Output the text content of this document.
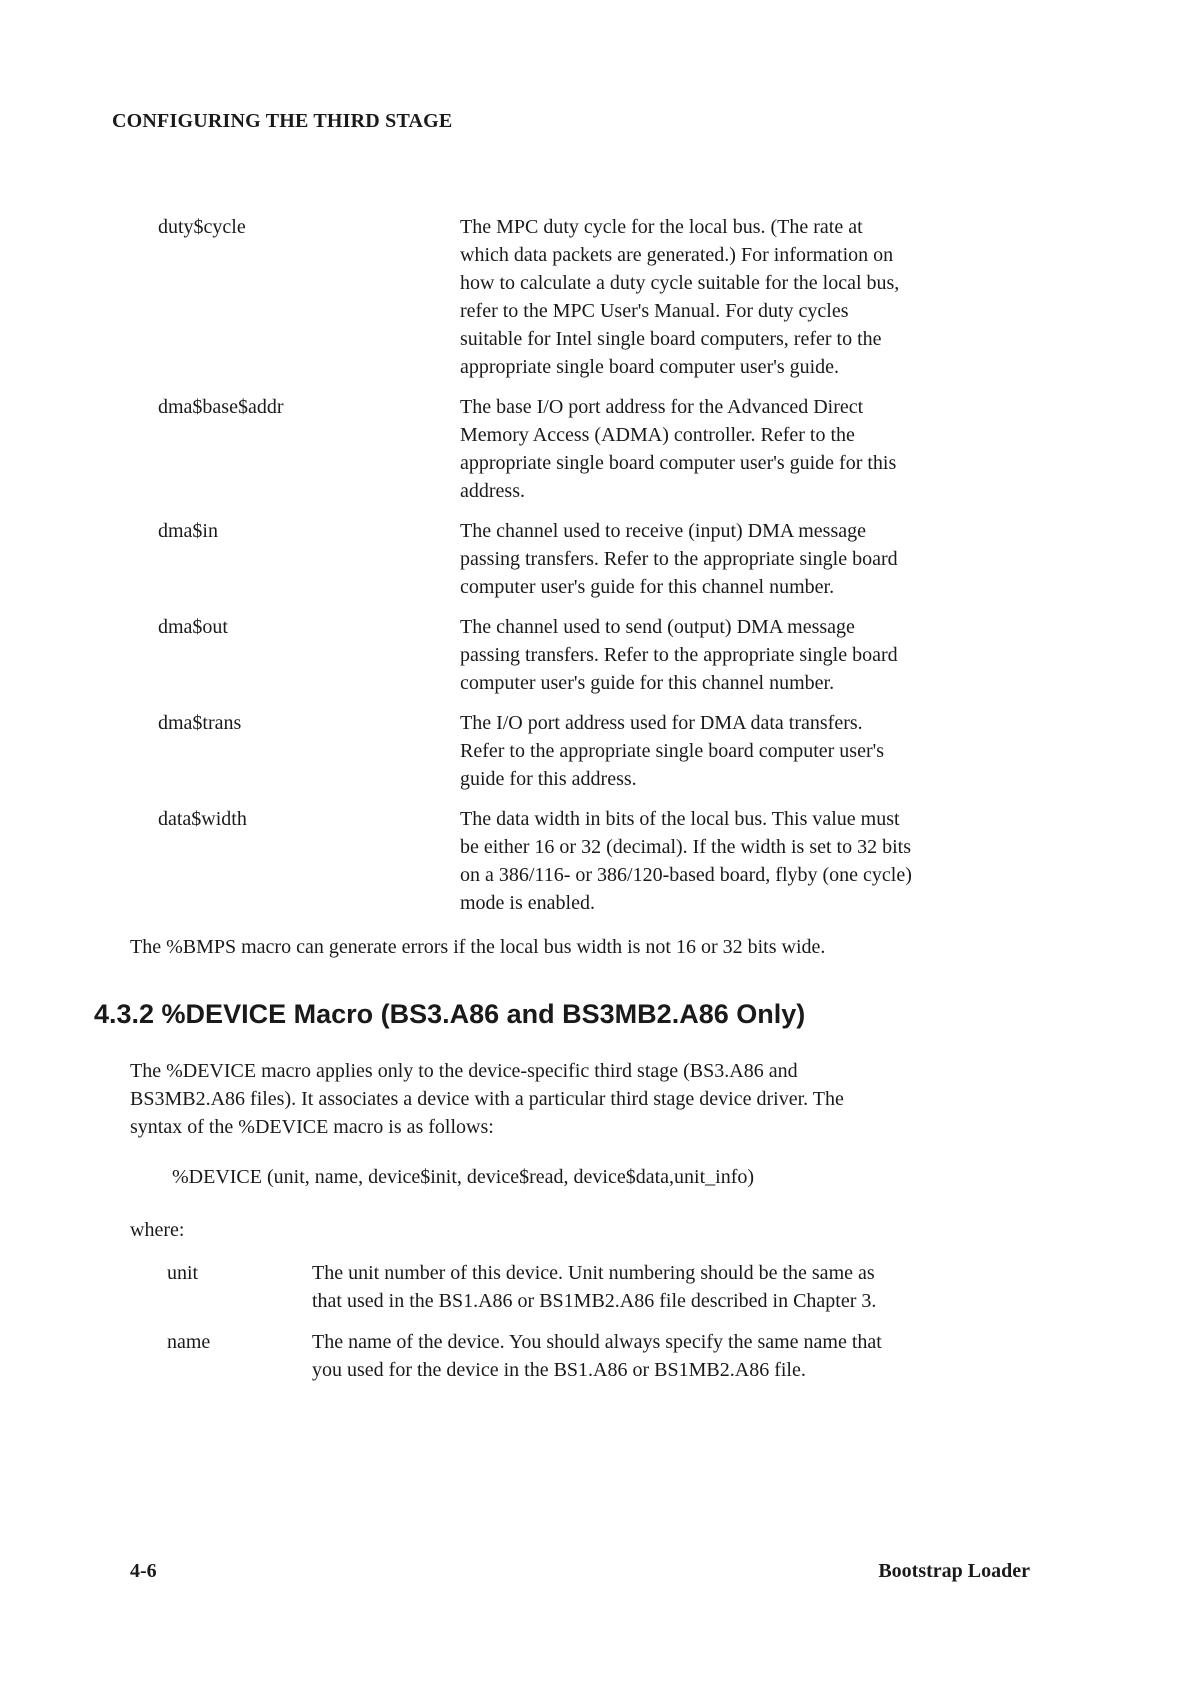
CONFIGURING THE THIRD STAGE
duty$cycle	The MPC duty cycle for the local bus. (The rate at
which data packets are generated.) For information on
how to calculate a duty cycle suitable for the local bus,
refer to the MPC User's Manual. For duty cycles
suitable for Intel single board computers, refer to the
appropriate single board computer user's guide.
dma$base$addr	The base I/O port address for the Advanced Direct
Memory Access (ADMA) controller. Refer to the
appropriate single board computer user's guide for this
address.
dma$in	The channel used to receive (input) DMA message
passing transfers. Refer to the appropriate single board
computer user's guide for this channel number.
dma$out	The channel used to send (output) DMA message
passing transfers. Refer to the appropriate single board
computer user's guide for this channel number.
dma$trans	The I/O port address used for DMA data transfers.
Refer to the appropriate single board computer user's
guide for this address.
data$width	The data width in bits of the local bus. This value must
be either 16 or 32 (decimal). If the width is set to 32 bits
on a 386/116- or 386/120-based board, flyby (one cycle)
mode is enabled.
The %BMPS macro can generate errors if the local bus width is not 16 or 32 bits wide.
4.3.2 %DEVICE Macro (BS3.A86 and BS3MB2.A86 Only)
The %DEVICE macro applies only to the device-specific third stage (BS3.A86 and
BS3MB2.A86 files). It associates a device with a particular third stage device driver. The
syntax of the %DEVICE macro is as follows:
%DEVICE (unit, name, device$init, device$read, device$data,unit_info)
where:
unit	The unit number of this device. Unit numbering should be the same as
that used in the BS1.A86 or BS1MB2.A86 file described in Chapter 3.
name	The name of the device. You should always specify the same name that
you used for the device in the BS1.A86 or BS1MB2.A86 file.
4-6	Bootstrap Loader
